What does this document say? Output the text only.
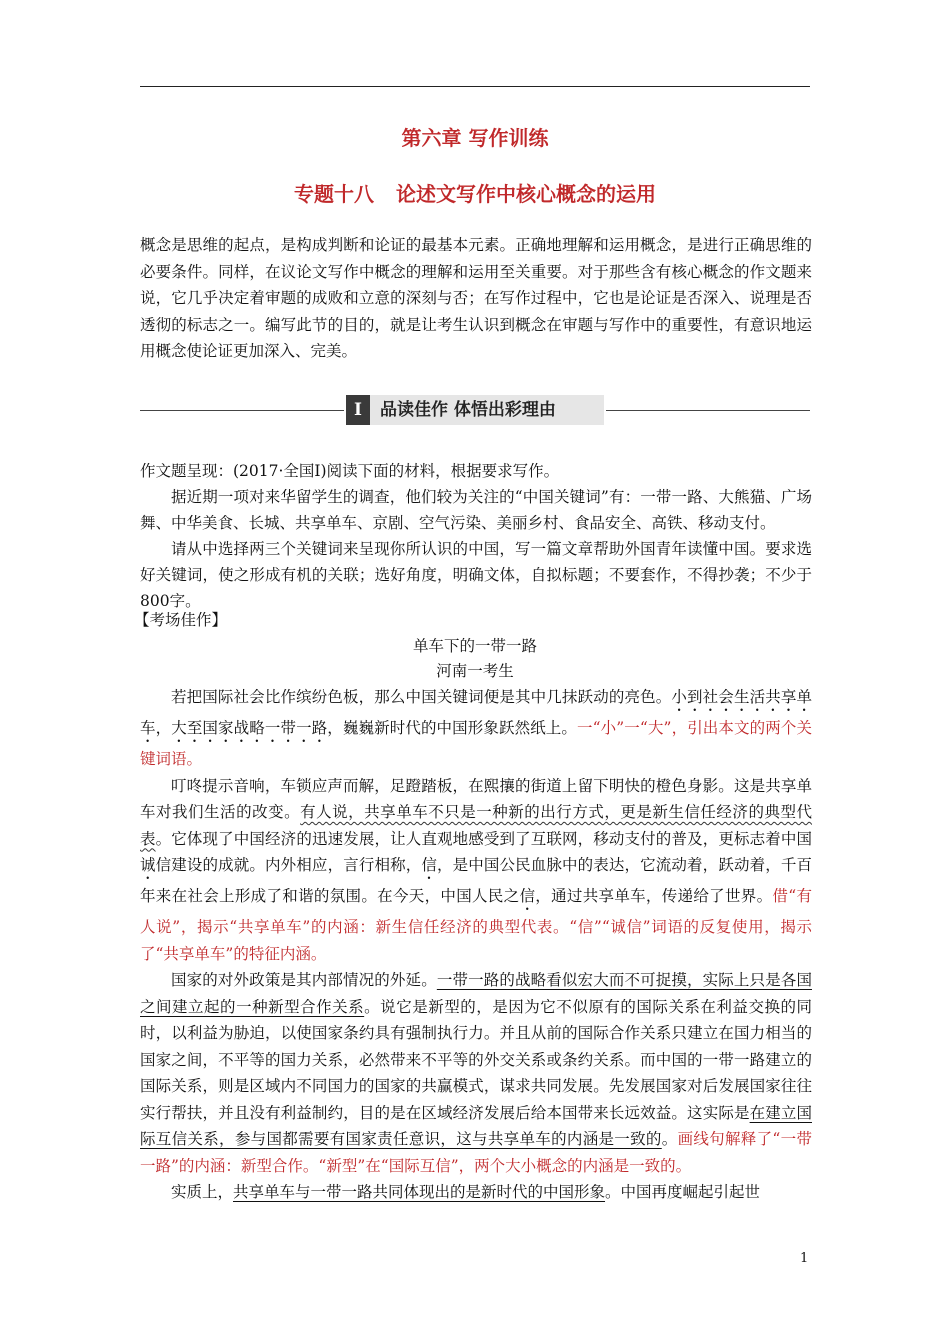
第六章 写作训练
专题十八 论述文写作中核心概念的运用
概念是思维的起点，是构成判断和论证的最基本元素。正确地理解和运用概念，是进行正确思维的必要条件。同样，在议论文写作中概念的理解和运用至关重要。对于那些含有核心概念的作文题来说，它几乎决定着审题的成败和立意的深刻与否；在写作过程中，它也是论证是否深入、说理是否透彻的标志之一。编写此节的目的，就是让考生认识到概念在审题与写作中的重要性，有意识地运用概念使论证更加深入、完美。
Ⅰ	品读佳作 体悟出彩理由
作文题呈现：(2017·全国Ⅰ)阅读下面的材料，根据要求写作。
据近期一项对来华留学生的调查，他们较为关注的“中国关键词”有：一带一路、大熊猫、广场舞、中华美食、长城、共享单车、京剧、空气污染、美丽乡村、食品安全、高铁、移动支付。
请从中选择两三个关键词来呈现你所认识的中国，写一篇文章帮助外国青年读懂中国。要求选好关键词，使之形成有机的关联；选好角度，明确文体，自拟标题；不要套作，不得抄袭；不少于800字。
【考场佳作】
单车下的一带一路
河南一考生

若把国际社会比作缤纷色板，那么中国关键词便是其中几抹跃动的亮色。小到社会生活共享单车，大至国家战略一带一路，巍巍新时代的中国形象跃然纸上。一“小”一“大”，引出本文的两个关键词语。

叮咚提示音响，车锁应声而解，足蹬踏板，在熙攘的街道上留下明快的橙色身影。这是共享单车对我们生活的改变。有人说，共享单车不只是一种新的出行方式，更是新生信任经济的典型代表。它体现了中国经济的迅速发展，让人直观地感受到了互联网，移动支付的普及，更标志着中国诚信建设的成就。内外相应，言行相称，信，是中国公民血脉中的表达，它流动着，跃动着，千百年来在社会上形成了和谐的氛围。在今天，中国人民之信，通过共享单车，传递给了世界。借“有人说”，揭示“共享单车”的内涵：新生信任经济的典型代表。“信”“诚信”词语的反复使用，揭示了“共享单车”的特征内涵。

国家的对外政策是其内部情况的外延。一带一路的战略看似宏大而不可捉摸，实际上只是各国之间建立起的一种新型合作关系。说它是新型的，是因为它不似原有的国际关系在利益交换的同时，以利益为胁迫，以使国家条约具有强制执行力。并且从前的国际合作关系只建立在国力相当的国家之间，不平等的国力关系，必然带来不平等的外交关系或条约关系。而中国的一带一路建立的国际关系，则是区域内不同国力的国家的共赢模式，谋求共同发展。先发展国家对后发展国家往往实行帮扶，并且没有利益制约，目的是在区域经济发展后给本国带来长远效益。这实际是在建立国际互信关系，参与国都需要有国家责任意识，这与共享单车的内涵是一致的。画线句解释了“一带一路”的内涵：新型合作。“新型”在“国际互信”，两个大小概念的内涵是一致的。

实质上，共享单车与一带一路共同体现出的是新时代的中国形象。中国再度崛起引起世

1
